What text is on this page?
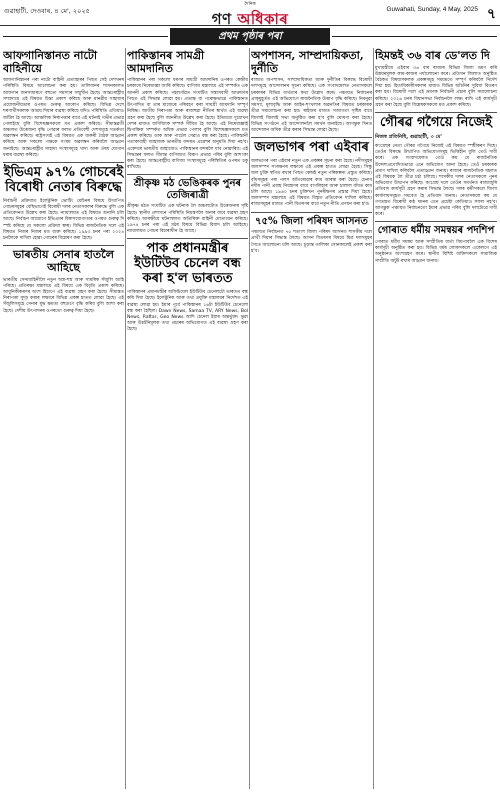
গুৱাহাটী, দেওবাৰ, ৪ মে', ২০২৫
দৈনিক
গণ অধিকাৰ
Guwahati, Sunday, 4 May, 2025 ৭
প্ৰথম পৃষ্ঠাৰ পৰা
আফগানিস্তানত নাটো বাহিনীয়ে
আফগানিস্তানৰ পৰা নাটো বাহিনী প্ৰত্যাহাৰৰ পিছত সেই দেশখনৰ পৰিস্থিতি বিষয়ে আলোচনা কৰা হয়। তালিবানৰ শাসনকালত আফগান জনসাধাৰণে বহুতো সমস্যাৰ সন্মুখীন হৈছে। আন্তঃৰাষ্ট্ৰীয় সম্প্ৰদায়ে এই বিষয়ত চিন্তা প্ৰকাশ কৰিছে আৰু মানৱীয় সাহায্যৰ প্ৰয়োজনীয়তাৰ ওপৰত গুৰুত্ব আৰোপ কৰিছে। বিভিন্ন দেশে শৰণাৰ্থীসকলক আশ্ৰয় দিয়াৰ ব্যৱস্থা কৰিছে যদিও পৰিস্থিতি এতিয়াও জটিল হৈ আছে। আঞ্চলিক নিৰাপত্তাৰ বাবে এই ঘটনাই গভীৰ প্ৰভাৱ পেলাইছে বুলি বিশেষজ্ঞসকলে মত প্ৰকাশ কৰিছে। সীমান্তৱৰ্তী অঞ্চলত উত্তেজনা বৃদ্ধি পোৱাৰ ফলত প্ৰতিবেশী দেশসমূহে সতৰ্কতা অৱলম্বন কৰিছে। ৰাষ্ট্ৰসংঘই এই বিষয়ত এক জৰুৰী বৈঠক আহ্বান কৰিছে আৰু সকলো পক্ষকে সংযম অৱলম্বন কৰিবলৈ আহ্বান জনাইছে। আন্তঃৰাষ্ট্ৰীয় সাহায্য সংস্থাসমূহে খাদ্য আৰু ঔষধ যোগান ধৰাৰ ব্যৱস্থা কৰিছে।
ইভিএম ৯৭% গোচৰেই বিৰোধী নেতাৰ বিৰুদ্ধে
নিৰ্বাচনী প্ৰক্ৰিয়াত ইলেক্ট্ৰনিক ভোটিং মেচিনৰ বিষয়ে উত্থাপিত গোচৰসমূহৰ বেছিভাগেই বিৰোধী দলৰ নেতাসকলৰ বিৰুদ্ধে বুলি এক প্ৰতিবেদনত উল্লেখ কৰা হৈছে। ন্যায়ালয়ত এই বিষয়ত শুনানি চলি আছে। নিৰ্বাচন আয়োগে ইভিএমৰ বিশ্বাসযোগ্যতাৰ ওপৰত গুৰুত্ব দি স্পষ্ট কৰিছে যে সকলো প্ৰক্ৰিয়া স্বচ্ছ। বিভিন্ন ৰাজনৈতিক দলে এই বিষয়ত নিজৰ নিজৰ মত ব্যক্ত কৰিছে। ১৯৯৩ চনৰ পৰা ২০২৪ চনলৈকে দাখিল হোৱা গোচৰৰ বিশ্লেষণ কৰা হৈছে।
ভাৰতীয় সেনাৰ হাতলৈ আহিছে
ভাৰতীয় সেনাবাহিনীলৈ নতুন অস্ত্ৰ-শস্ত্ৰ আৰু সামৰিক সঁজুলি আহি পৰিছে। প্ৰতিৰক্ষা মন্ত্ৰালয়ে এই বিষয়ে এক বিবৃতি প্ৰকাশ কৰিছে। আধুনিকীকৰণৰ অংশ হিচাপে এই ব্যৱস্থা গ্ৰহণ কৰা হৈছে। সীমান্তত নিৰাপত্তা সুদৃঢ় কৰাৰ লক্ষ্যৰে বিভিন্ন প্ৰকল্প হাতত লোৱা হৈছে। এই সঁজুলিসমূহে সেনাৰ যুদ্ধ ক্ষমতা বহুগুণে বৃদ্ধি কৰিব বুলি আশা কৰা হৈছে। দেশীয় উৎপাদনৰ ওপৰতো গুৰুত্ব দিয়া হৈছে।
পাকিস্তানৰ সামগ্ৰী আমদানিত
পাকিস্তানৰ পৰা সকলো ধৰণৰ সামগ্ৰী আমদানিৰ ওপৰত কেন্দ্ৰীয় চৰকাৰে নিষেধাজ্ঞা জাৰি কৰিছে। বাণিজ্য মন্ত্ৰালয়ে এই সম্পৰ্কত এক জাননী প্ৰকাশ কৰিছে। পহলগাঁৱত সংঘটিত সন্ত্ৰাসবাদী আক্ৰমণৰ পিছত এই সিদ্ধান্ত লোৱা হয়। প্ৰত্যক্ষ বা পৰোক্ষভাৱে পাকিস্তানত উৎপাদিত বা তাৰ মাজেৰে পৰিবহণ কৰা সামগ্ৰী আমদানি সম্পূৰ্ণ নিষিদ্ধ। জাতীয় নিৰাপত্তা আৰু ৰাজহুৱা নীতিৰ স্বাৰ্থত এই ব্যৱস্থা গ্ৰহণ কৰা হৈছে বুলি জাননীত উল্লেখ কৰা হৈছে। ইতিমধ্যে দুয়োখন দেশৰ মাজত বাণিজ্যিক সম্পৰ্ক সীমিত হৈ আছে। এই নিষেধাজ্ঞাই দ্বিপাক্ষিক সম্পৰ্কত অধিক প্ৰভাৱ পেলাব বুলি বিশেষজ্ঞসকলে মত প্ৰকাশ কৰিছে। ডাক আৰু পাৰ্চেল সেৱাও বন্ধ কৰা হৈছে। পাকিস্তানী পতাকাবাহী জাহাজক ভাৰতীয় বন্দৰত প্ৰৱেশৰ অনুমতি দিয়া নহ'ব। একেদৰে ভাৰতীয় জাহাজেও পাকিস্তানৰ বন্দৰলৈ যাব নোৱাৰিব। এই সিদ্ধান্তৰ ফলত সীমান্ত বাণিজ্যত বিৰূপ প্ৰভাৱ পৰিব বুলি আশংকা কৰা হৈছে। আন্তঃৰাষ্ট্ৰীয় বাণিজ্য সংস্থাসমূহে পৰিস্থিতিৰ ওপৰত চকু ৰাখিছে।
শ্ৰীকৃষ্ণ মঠ ভেঙিকৰক পুনৰ তেজিৰাত্ৰী
শ্ৰীকৃষ্ণ মঠত সংঘটিত এক ঘটনাক লৈ অঞ্চলটোত উত্তেজনাৰ সৃষ্টি হৈছে। স্থানীয় প্ৰশাসনে পৰিস্থিতি নিয়ন্ত্ৰণলৈ অনাৰ বাবে ব্যৱস্থা গ্ৰহণ কৰিছে। আৰক্ষীয়ে ঘটনাস্থলত অতিৰিক্ত বাহিনী মোতায়েন কৰিছে। ১৯৭৪ চনৰ পৰা এই মঠৰ বিষয়ে বিভিন্ন বিবাদ চলি আহিছে। ন্যায়ালয়ত গোচৰ বিচাৰাধীন হৈ আছে।
পাক প্ৰধানমন্ত্ৰীৰ ইউটিউব চেনেল বন্ধ কৰা হ'ল ভাৰতত
পাকিস্তানৰ প্ৰধানমন্ত্ৰীৰ অফিচিয়েল ইউটিউব চেনেলটো ভাৰতত বন্ধ কৰি দিয়া হৈছে। ইলেক্ট্ৰনিক আৰু তথ্য প্ৰযুক্তি মন্ত্ৰালয়ৰ নিৰ্দেশত এই ব্যৱস্থা লোৱা হয়। ইয়াৰ পূৰ্বে পাকিস্তানৰ ১৬টা ইউটিউব চেনেলো বন্ধ কৰা হৈছিল। Dawn News, Samaa TV, ARY News, Bol News, Raftar, Geo News আদি চেনেল ইয়াৰ অন্তৰ্ভুক্ত। ভুৱা আৰু উচটনিমূলক তথ্য প্ৰচাৰৰ অভিযোগত এই ব্যৱস্থা গ্ৰহণ কৰা হৈছে।
অপশাসন, সাম্প্ৰদায়িকতা, দুৰ্নীতি
ৰাজ্যত অপশাসন, সাম্প্ৰদায়িকতা আৰু দুৰ্নীতিৰ বিৰুদ্ধে বিৰোধী দলসমূহে আন্দোলনৰ সূচনা কৰিছে। এক সংবাদমেলত নেতাসকলে চৰকাৰৰ বিভিন্ন ব্যৰ্থতাৰ কথা উল্লেখ কৰে। পঞ্চায়ত নিৰ্বাচনৰ প্ৰাক্‌মুহূৰ্তত এই অভিযোগে ৰাজনৈতিক উত্তাপ বৃদ্ধি কৰিছে। নিবনুৱা সমস্যা, মূল্যবৃদ্ধি আৰু আইন-শৃংখলাৰ অৱনতিৰ বিষয়ত চৰকাৰক তীব্ৰ সমালোচনা কৰা হয়। ৰাইজৰ মাজত সজাগতা সৃষ্টিৰ বাবে জিলাই জিলাই সভা অনুষ্ঠিত কৰা হ'ব বুলি ঘোষণা কৰা হৈছে। বিভিন্ন সংগঠনে এই আন্দোলনলৈ সমৰ্থন জনাইছে। আগন্তুক দিনত আন্দোলন অধিক তীব্ৰ কৰাৰ সিদ্ধান্ত লোৱা হৈছে।
জলভাগৰ পৰা এইবাৰ
জলভাগৰ পৰা এইবাৰ নতুন এক প্ৰকল্পৰ সূচনা কৰা হৈছে। নদীসমূহৰ জলসম্পদ সংৰক্ষণৰ লক্ষ্যৰে এই প্ৰকল্প হাতত লোৱা হৈছে। সিন্ধু জল চুক্তি স্থগিত ৰখাৰ পিছত কেন্দ্ৰই নতুন পৰিকল্পনা প্ৰস্তুত কৰিছে। বাঁধসমূহৰ পৰা পলস আঁতৰোৱাৰ কাম আৰম্ভ কৰা হৈছে। চেনাব নদীৰ পানী প্ৰবাহ নিয়ন্ত্ৰণৰ বাবে বাগলিহাৰ আৰু চালাল বাঁধত কাম চলি আছে। ১৯৬০ চনৰ চুক্তিখন পুনৰীক্ষণৰ প্ৰস্তাৱ দিয়া হৈছে। জলসম্পদ মন্ত্ৰালয়ে এই বিষয়ত বিস্তৃত প্ৰতিবেদন দাখিল কৰিছে। ৰাজ্যসমূহৰ মাজত পানী বিতৰণৰ বাবে নতুন নীতি প্ৰণয়ন কৰা হ'ব।
৭৫% জিলা পৰিষদ আসনত
পঞ্চায়ত নিৰ্বাচনত ৭৫ শতাংশ জিলা পৰিষদ আসনত শাসকীয় দলে প্ৰাৰ্থী দিয়াৰ সিদ্ধান্ত লৈছে। আসন বিতৰণৰ বিষয়ে মিত্ৰ দলসমূহৰ সৈতে আলোচনা চলি আছে। চূড়ান্ত তালিকা সোনকালেই প্ৰকাশ কৰা হ'ব।
হিমন্তই ৩৬ বাৰ ডে'লত দি
মুখ্যমন্ত্ৰীয়ে এইবাৰ ৩৬ বাৰ ৰাজ্যৰ বিভিন্ন জিলা ভ্ৰমণ কৰি উন্নয়নমূলক কাম-কাজৰ পৰ্যালোচনা কৰে। প্ৰতিখন জিলাত অনুষ্ঠিত বৈঠকত বিষয়াসকলক প্ৰকল্পসমূহ সময়মতে সম্পূৰ্ণ কৰিবলৈ নিৰ্দেশ দিয়া হয়। হিতাধিকাৰীসকলৰ মাজত বিভিন্ন আঁচনিৰ সুবিধা বিতৰণ কৰা হয়। বিৰোধী দলে এই ভ্ৰমণক নিৰ্বাচনী প্ৰচাৰ বুলি সমালোচনা কৰিছে। ২০২৬ চনৰ বিধানসভা নিৰ্বাচনলৈ লক্ষ্য ৰাখি এই কাৰ্যসূচী গ্ৰহণ কৰা হৈছে বুলি বিশ্লেষকসকলে মত প্ৰকাশ কৰিছে।
গৌৰৱ গগৈয়ে নিজেই
নিজস্ব প্ৰতিনিধি, গুৱাহাটী, ৩ মে'
কংগ্ৰেছৰ নেতা গৌৰৱ গগৈয়ে নিজেই এই বিষয়ত স্পষ্টীকৰণ দিছে। তেওঁৰ বিৰুদ্ধে উত্থাপিত অভিযোগসমূহ ভিত্তিহীন বুলি তেওঁ দাবী কৰে। এক সংবাদমেলত তেওঁ কয় যে ৰাজনৈতিক উদ্দেশ্যপ্ৰণোদিতভাৱে এনে অভিযোগ আনা হৈছে। তেওঁ চৰকাৰক প্ৰমাণ দাখিল কৰিবলৈ প্ৰত্যাহ্বান জনায়। ৰাজ্যৰ ৰাজনৈতিক মহলত এই বিষয়ক লৈ তীব্ৰ চৰ্চা চলিছে। শাসকীয় দলৰ নেতাসকলে পুনৰ অভিযোগ উত্থাপন কৰিছে। কংগ্ৰেছ দলে তেওঁৰ সমৰ্থনত ৰাজ্যজুৰি প্ৰতিবাদ কাৰ্যসূচী গ্ৰহণ কৰাৰ সিদ্ধান্ত লৈছে। দলৰ কৰ্মীসকলে জিলা কাৰ্যালয়সমূহত সমবেত হৈ প্ৰতিবাদ জনায়। নেতাসকলে কয় যে গণতন্ত্ৰত বিৰোধী কণ্ঠ দমনৰ এনে প্ৰচেষ্টা কেতিয়াও সফল নহ'ব। আগন্তুক পঞ্চায়ত নিৰ্বাচনতো ইয়াৰ প্ৰভাৱ পৰিব বুলি দলটোৱে দাবী কৰে।
গোৰাত ধৰ্মীয় সমন্বয়ৰ পদশিপ
গোৰাত ধৰ্মীয় সমন্বয় আৰু সম্প্ৰীতিৰ বাৰ্তা বিয়পাবলৈ এক বিশেষ কাৰ্যসূচী অনুষ্ঠিত কৰা হয়। বিভিন্ন ধৰ্মৰ লোকসকলে একেলগে এই অনুষ্ঠানত অংশগ্ৰহণ কৰে। স্থানীয় বিশিষ্ট ব্যক্তিসকলে সামাজিক সম্প্ৰীতি অটুট ৰখাৰ আহ্বান জনায়।
